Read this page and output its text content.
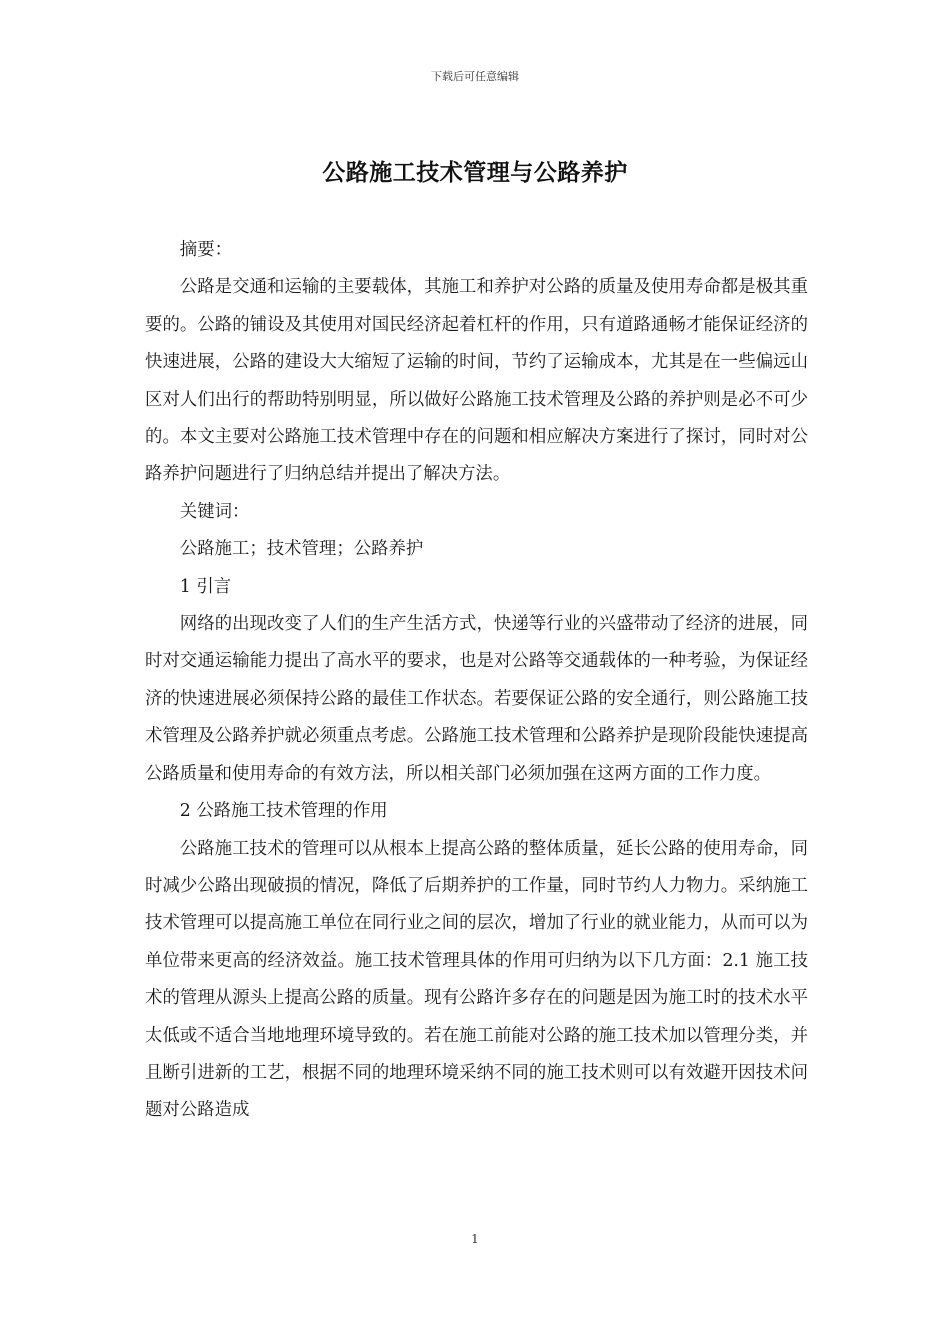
下载后可任意编辑
公路施工技术管理与公路养护

摘要：

公路是交通和运输的主要载体，其施工和养护对公路的质量及使用寿命都是极其重要的。公路的铺设及其使用对国民经济起着杠杆的作用，只有道路通畅才能保证经济的快速进展，公路的建设大大缩短了运输的时间，节约了运输成本，尤其是在一些偏远山区对人们出行的帮助特别明显，所以做好公路施工技术管理及公路的养护则是必不可少的。本文主要对公路施工技术管理中存在的问题和相应解决方案进行了探讨，同时对公路养护问题进行了归纳总结并提出了解决方法。

关键词：

公路施工；技术管理；公路养护

1 引言

网络的出现改变了人们的生产生活方式，快递等行业的兴盛带动了经济的进展，同时对交通运输能力提出了高水平的要求，也是对公路等交通载体的一种考验，为保证经济的快速进展必须保持公路的最佳工作状态。若要保证公路的安全通行，则公路施工技术管理及公路养护就必须重点考虑。公路施工技术管理和公路养护是现阶段能快速提高公路质量和使用寿命的有效方法，所以相关部门必须加强在这两方面的工作力度。

2 公路施工技术管理的作用

公路施工技术的管理可以从根本上提高公路的整体质量，延长公路的使用寿命，同时减少公路出现破损的情况，降低了后期养护的工作量，同时节约人力物力。采纳施工技术管理可以提高施工单位在同行业之间的层次，增加了行业的就业能力，从而可以为单位带来更高的经济效益。施工技术管理具体的作用可归纳为以下几方面：2.1 施工技术的管理从源头上提高公路的质量。现有公路许多存在的问题是因为施工时的技术水平太低或不适合当地地理环境导致的。若在施工前能对公路的施工技术加以管理分类，并且断引进新的工艺，根据不同的地理环境采纳不同的施工技术则可以有效避开因技术问题对公路造成

1
